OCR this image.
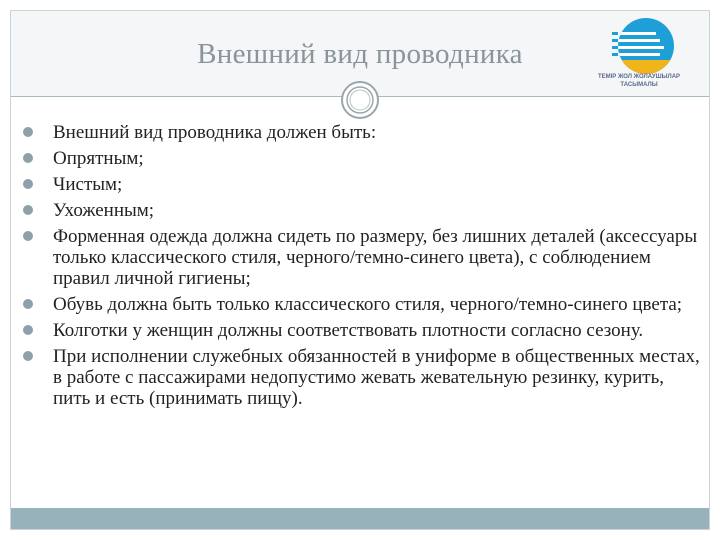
Внешний вид проводника
ТЕМІР ЖОЛ ЖОЛАУШЫЛАР ТАСЫМАЛЫ
Внешний вид проводника должен быть:
Опрятным;
Чистым;
Ухоженным;
Форменная одежда должна сидеть по размеру, без лишних деталей (аксессуары только классического стиля, черного/темно-синего цвета), с соблюдением правил личной гигиены;
Обувь должна быть только классического стиля, черного/темно-синего цвета;
Колготки у женщин должны соответствовать плотности согласно сезону.
При исполнении служебных обязанностей в униформе в общественных местах, в работе с пассажирами недопустимо жевать жевательную резинку, курить, пить и есть (принимать пищу).
